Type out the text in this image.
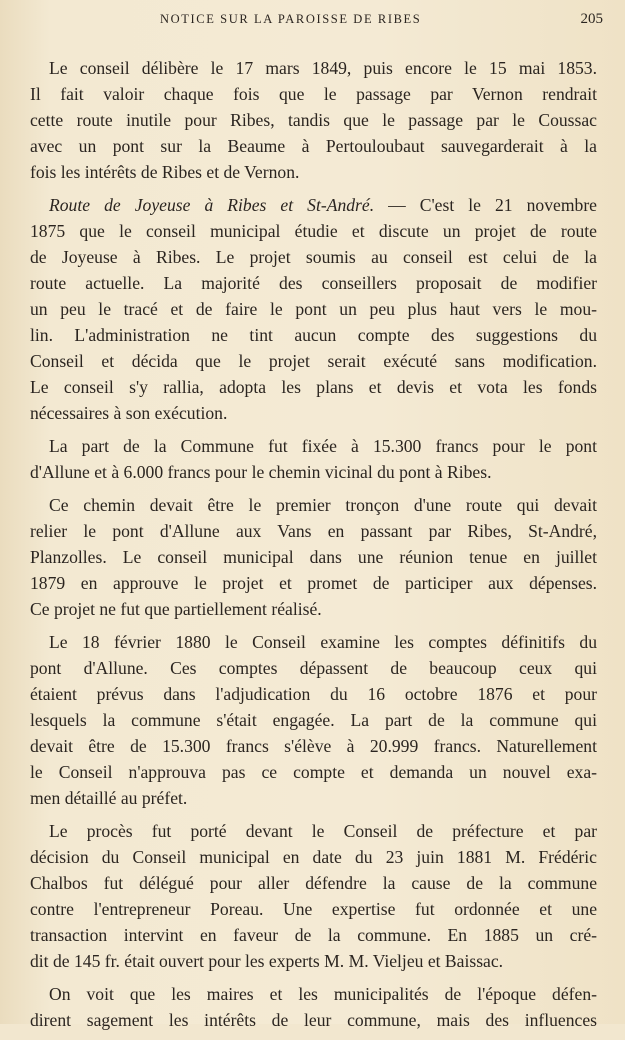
NOTICE SUR LA PAROISSE DE RIBES	205

Le conseil délibère le 17 mars 1849, puis encore le 15 mai 1853.
Il fait valoir chaque fois que le passage par Vernon rendrait
cette route inutile pour Ribes, tandis que le passage par le Coussac
avec un pont sur la Beaume à Pertouloubaut sauvegarderait à la
fois les intérêts de Ribes et de Vernon.

Route de Joyeuse à Ribes et St-André. — C'est le 21 novembre
1875 que le conseil municipal étudie et discute un projet de route
de Joyeuse à Ribes. Le projet soumis au conseil est celui de la
route actuelle. La majorité des conseillers proposait de modifier
un peu le tracé et de faire le pont un peu plus haut vers le mou-
lin. L'administration ne tint aucun compte des suggestions du
Conseil et décida que le projet serait exécuté sans modification.
Le conseil s'y rallia, adopta les plans et devis et vota les fonds
nécessaires à son exécution.

La part de la Commune fut fixée à 15.300 francs pour le pont
d'Allune et à 6.000 francs pour le chemin vicinal du pont à Ribes.

Ce chemin devait être le premier tronçon d'une route qui devait
relier le pont d'Allune aux Vans en passant par Ribes, St-André,
Planzolles. Le conseil municipal dans une réunion tenue en juillet
1879 en approuve le projet et promet de participer aux dépenses.
Ce projet ne fut que partiellement réalisé.

Le 18 février 1880 le Conseil examine les comptes définitifs du
pont d'Allune. Ces comptes dépassent de beaucoup ceux qui
étaient prévus dans l'adjudication du 16 octobre 1876 et pour
lesquels la commune s'était engagée. La part de la commune qui
devait être de 15.300 francs s'élève à 20.999 francs. Naturellement
le Conseil n'approuva pas ce compte et demanda un nouvel exa-
men détaillé au préfet.

Le procès fut porté devant le Conseil de préfecture et par
décision du Conseil municipal en date du 23 juin 1881 M. Frédéric
Chalbos fut délégué pour aller défendre la cause de la commune
contre l'entrepreneur Poreau. Une expertise fut ordonnée et une
transaction intervint en faveur de la commune. En 1885 un cré-
dit de 145 fr. était ouvert pour les experts M. M. Vieljeu et Baissac.

On voit que les maires et les municipalités de l'époque défen-
dirent sagement les intérêts de leur commune, mais des influences
